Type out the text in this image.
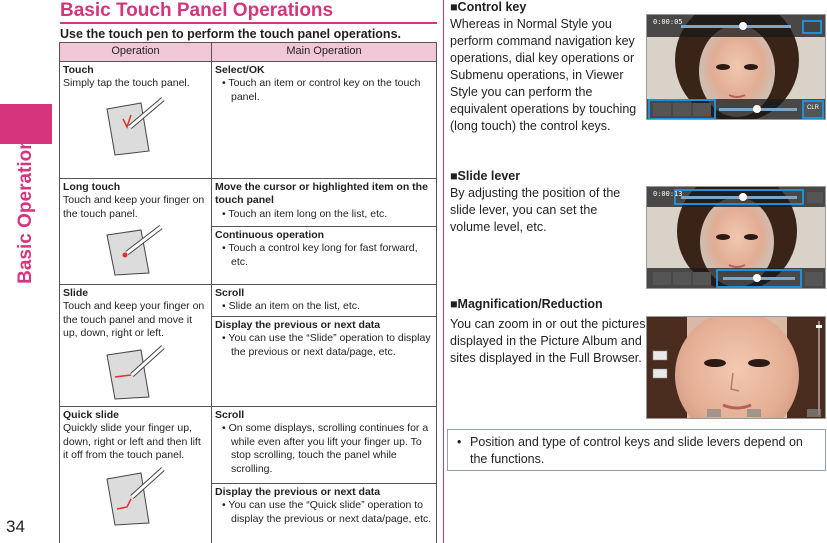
Basic Operation
34
Basic Touch Panel Operations
Use the touch pen to perform the touch panel operations.
Operation	Main Operation

Touch
Simply tap the touch panel.	Select/OK
• Touch an item or control key on the touch panel.

Long touch
Touch and keep your finger on the touch panel.	Move the cursor or highlighted item on the touch panel
• Touch an item long on the list, etc.

	Continuous operation
• Touch a control key long for fast forward, etc.

Slide
Touch and keep your finger on the touch panel and move it up, down, right or left.	Scroll
• Slide an item on the list, etc.

	Display the previous or next data
• You can use the “Slide” operation to display the previous or next data/page, etc.

Quick slide
Quickly slide your finger up, down, right or left and then lift it off from the touch panel.	Scroll
• On some displays, scrolling continues for a while even after you lift your finger up. To stop scrolling, touch the panel while scrolling.

	Display the previous or next data
• You can use the “Quick slide” operation to display the previous or next data/page, etc.
■Control key
Whereas in Normal Style you perform command navigation key operations, dial key operations or Submenu operations, in Viewer Style you can perform the equivalent operations by touching (long touch) the control keys.
0:00:05
CLR
■Slide lever
By adjusting the position of the slide lever, you can set the volume level, etc.
0:00:13
■Magnification/Reduction
You can zoom in or out the pictures displayed in the Picture Album and sites displayed in the Full Browser.
• Position and type of control keys and slide levers depend on the functions.
